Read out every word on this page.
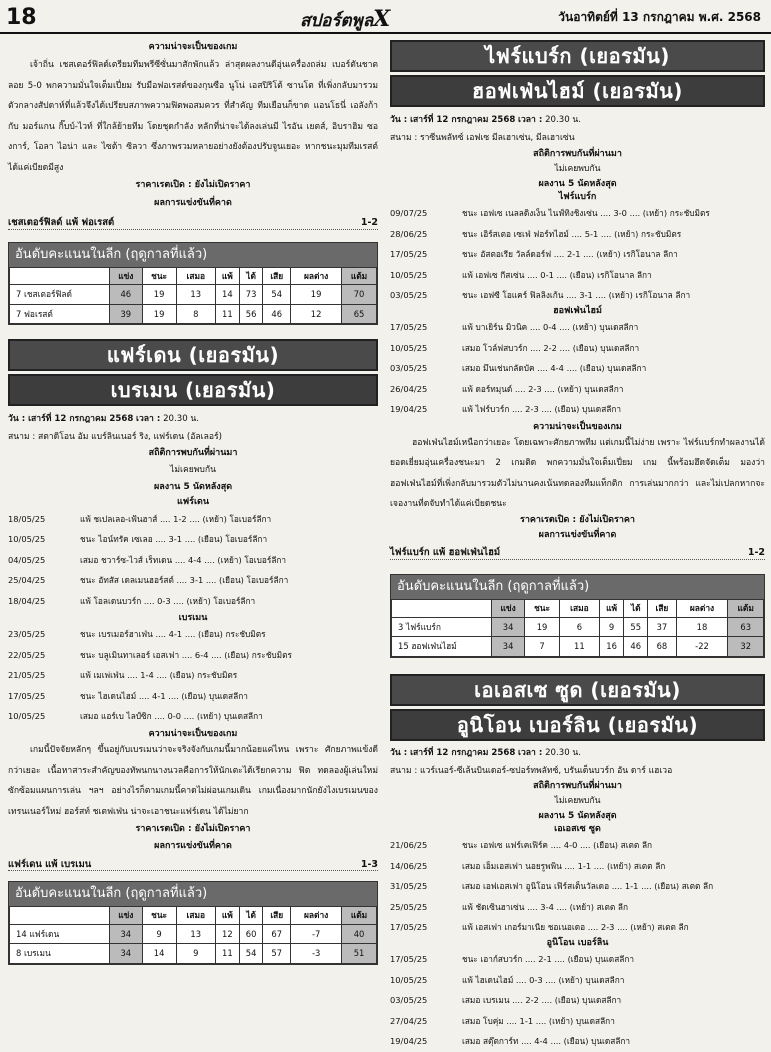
18	สปอร์ตพูลX	วันอาทิตย์ที่ 13 กรกฎาคม พ.ศ. 2568
ความน่าจะเป็นของเกม
เจ้าถิ่น เชสเตอร์ฟิลด์เตรียมทีมพรีซีซั่นมาสักพักแล้ว ล่าสุดผลงานดีอุ่นเครื่องถล่ม เบอร์ตันชาตลอย 5-0 พกความมั่นใจเต็มเปี่ยม รับมือฟอเรสต์ของกุนซือ นูโน่ เอสปิริโต้ ซานโต ที่เพิ่งกลับมารวมตัวกลางสัปดาห์ที่แล้วจึงได้เปรียบสภาพความฟิตพอสมควร ที่สำคัญ ทีมเยือนก็ขาด แอนโธนี่ เอลังก้า กับ มอร์แกน กิ๊บบ์-ไวท์ ที่ใกล้ย้ายทีม โดยชุดกำลัง หลักที่น่าจะได้ลงเล่นมี ไรอัน เยตส์, อิบราฮิม ซองการ์, โอลา ไอน่า และ ไซต้า ซิลวา ซึ่งภาพรวมหลายอย่างยังต้องปรับจูนเยอะ หากชนะมุมทีมเรสต์ได้แค่เบียดมีสูง
ราคาเรตเปิด : ยังไม่เปิดราคา
ผลการแข่งขันที่คาด
เชสเตอร์ฟิลด์ แพ้ ฟอเรสต์	1-2
อันดับคะแนนในลีก (ฤดูกาลที่แล้ว)
	แข่ง	ชนะ	เสมอ	แพ้	ได้	เสีย	ผลต่าง	แต้ม
7 เชสเตอร์ฟิลด์	46	19	13	14	73	54	19	70
7 ฟอเรสต์	39	19	8	11	56	46	12	65
แฟร์เดน (เยอรมัน)
เบรเมน (เยอรมัน)
วัน : เสาร์ที่ 12 กรกฎาคม 2568 เวลา : 20.30 น.
สนาม : สตาดิโอน อัม แบร์ลินเนอร์ ริง, แฟร์เดน (อัลเลอร์)
สถิติการพบกันที่ผ่านมา
ไม่เคยพบกัน
ผลงาน 5 นัดหลังสุด
แฟร์เดน
18/05/25	แพ้ ชเปลเลอ-เฟ้นฮาส์ .... 1-2 .... (เหย้า) โอเบอร์ลีกา
10/05/25	ชนะ ไอน์ทรัค เซเลอ .... 3-1 .... (เยือน) โอเบอร์ลีกา
04/05/25	เสมอ ชวาร์ซ-ไวส์ เร็ทเดน .... 4-4 .... (เหย้า) โอเบอร์ลีกา
25/04/25	ชนะ อัทสัส เดลเมนฮอร์สต์ .... 3-1 .... (เยือน) โอเบอร์ลีกา
18/04/25	แพ้ โอลเดนบวร์ก .... 0-3 .... (เหย้า) โอเบอร์ลีกา
เบรเมน
23/05/25	ชนะ เบรเมอร์ฮาเฟ่น .... 4-1 .... (เยือน) กระชับมิตร
22/05/25	ชนะ บลูเมินทาเลอร์ เอสเฟา .... 6-4 .... (เยือน) กระชับมิตร
21/05/25	แพ้ เมเพ่เฟ่น .... 1-4 .... (เยือน) กระชับมิตร
17/05/25	ชนะ ไฮเดนไฮม์ .... 4-1 .... (เยือน) บุนเดสลีกา
10/05/25	เสมอ แอร์เบ ไลป์ซิก .... 0-0 .... (เหย้า) บุนเดสลีกา
ความน่าจะเป็นของเกม
เกมนี้ปัจจัยหลักๆ ขึ้นอยู่กับเบรเมนว่าจะจริงจังกับเกมนี้มากน้อยแค่ไหน เพราะ ศักยภาพแข้งดีกว่าเยอะ เนื้อหาสาระสำคัญของทัพนกนางนวลคือการให้นักเตะได้เรียกความ ฟิต ทดลองผู้เล่นใหม่ ซักซ้อมแผนการเล่น ฯลฯ อย่างไรก็ตามเกมนี้คาดไม่ผ่อนเกมเดิน เกมเนื่องมากนักยังไงเบรเมนของเทรนเนอร์ใหม่ ฮอร์สท์ ชเตฟเฟ่น น่าจะเอาชนะแฟร์เดน ได้ไม่ยาก
ราคาเรตเปิด : ยังไม่เปิดราคา
ผลการแข่งขันที่คาด
แฟร์เดน แพ้ เบรเมน	1-3
อันดับคะแนนในลีก (ฤดูกาลที่แล้ว)
	แข่ง	ชนะ	เสมอ	แพ้	ได้	เสีย	ผลต่าง	แต้ม
14 แฟร์เดน	34	9	13	12	60	67	-7	40
8 เบรเมน	34	14	9	11	54	57	-3	51
ไฟร์แบร์ก (เยอรมัน)
ฮอฟเฟ่นไฮม์ (เยอรมัน)
วัน : เสาร์ที่ 12 กรกฎาคม 2568 เวลา : 20.30 น.
สนาม : ราซีนพลัทซ์ เอฟเซ มีลเฮาเซ่น, มีลเฮาเซ่น
สถิติการพบกันที่ผ่านมา
ไม่เคยพบกัน
ผลงาน 5 นัดหลังสุด
ไฟร์แบร์ก
09/07/25	ชนะ เอฟเซ เนลลดิงเง็น ไนฟ์ทิงชิงเซ่น .... 3-0 .... (เหย้า) กระชับมิตร
28/06/25	ชนะ เอิร์สเตอ เซเฟ่ ฟอร์ทไฮม์ .... 5-1 .... (เหย้า) กระชับมิตร
17/05/25	ชนะ อัสตอเรีย วัลล์ดอร์ฟ .... 2-1 .... (เหย้า) เรกิโอนาล ลีกา
10/05/25	แพ้ เอฟเซ กีสเซ่น .... 0-1 .... (เยือน) เรกิโอนาล ลีกา
03/05/25	ชนะ เอฟซี โอแคร์ ฟิลลิงเก้น .... 3-1 .... (เหย้า) เรกิโอนาล ลีกา
ฮอฟเฟ่นไฮม์
17/05/25	แพ้ บาเยิร์น มิวนิค .... 0-4 .... (เหย้า) บุนเดสลีกา
10/05/25	เสมอ โวล์ฟสบวร์ก .... 2-2 .... (เยือน) บุนเดสลีกา
03/05/25	เสมอ มึนเช่นกลัดบัค .... 4-4 .... (เยือน) บุนเดสลีกา
26/04/25	แพ้ ดอร์ทมุนด์ .... 2-3 .... (เหย้า) บุนเดสลีกา
19/04/25	แพ้ ไฟร์บวร์ก .... 2-3 .... (เยือน) บุนเดสลีกา
ความน่าจะเป็นของเกม
ฮอฟเฟ่นไฮม์เหนือกว่าเยอะ โดยเฉพาะศักยภาพทีม แต่เกมนี้ไม่ง่าย เพราะ ไฟร์แบร์กทำผลงานได้ยอดเยี่ยมอุ่นเครื่องชนะมา 2 เกมติด พกความมั่นใจเต็มเปี่ยม เกม นี้พร้อมฮึดจัดเต็ม มองว่าฮอฟเฟ่นไฮม์ที่เพิ่งกลับมารวมตัวไม่นานคงเน้นทดลองทีมแท็กติก การเล่นมากกว่า และไม่เปลกหากจะเจองานที่ดจับทำได้แค่เบียดชนะ
ราคาเรตเปิด : ยังไม่เปิดราคา
ผลการแข่งขันที่คาด
ไฟร์แบร์ก แพ้ ฮอฟเฟ่นไฮม์	1-2
อันดับคะแนนในลีก (ฤดูกาลที่แล้ว)
	แข่ง	ชนะ	เสมอ	แพ้	ได้	เสีย	ผลต่าง	แต้ม
3 ไฟร์แบร์ก	34	19	6	9	55	37	18	63
15 ฮอฟเฟ่นไฮม์	34	7	11	16	46	68	-22	32
เอเอสเซ ซูด (เยอรมัน)
อูนิโอน เบอร์ลิน (เยอรมัน)
วัน : เสาร์ที่ 12 กรกฎาคม 2568 เวลา : 20.30 น.
สนาม : แวร์เนอร์-ซีเล้นบินเดอร์-ซปอร์ทพลัทซ์, บรันเด็นบวร์ก อัน ดาร์ แฮเวอ
สถิติการพบกันที่ผ่านมา
ไม่เคยพบกัน
ผลงาน 5 นัดหลังสุด
เอเอสเซ ซูด
21/06/25	ชนะ เอฟเซ แฟร์เคเฟิร์ค .... 4-0 .... (เยือน) สเตต ลีก
14/06/25	เสมอ เอ็มเอสเฟา นอยรูพพิน .... 1-1 .... (เหย้า) สเตต ลีก
31/05/25	เสมอ เอฟเอสเฟา อูนิโอน เฟิร์สเต็นวัลเดอ .... 1-1 .... (เยือน) สเตต ลีก
25/05/25	แพ้ ชัดเซินฮาเซ่น .... 3-4 .... (เหย้า) สเตต ลีก
17/05/25	แพ้ เอสเฟา เกอร์มาเนีย ชอเนอเดอ .... 2-3 .... (เหย้า) สเตต ลีก
อูนิโอน เบอร์ลิน
17/05/25	ชนะ เอาก์สบวร์ก .... 2-1 .... (เยือน) บุนเดสลีกา
10/05/25	แพ้ ไฮเดนไฮม์ .... 0-3 .... (เหย้า) บุนเดสลีกา
03/05/25	เสมอ เบรเมน .... 2-2 .... (เยือน) บุนเดสลีกา
27/04/25	เสมอ โบคุ่ม .... 1-1 .... (เหย้า) บุนเดสลีกา
19/04/25	เสมอ สตุ๊ตการ์ท .... 4-4 .... (เยือน) บุนเดสลีกา
